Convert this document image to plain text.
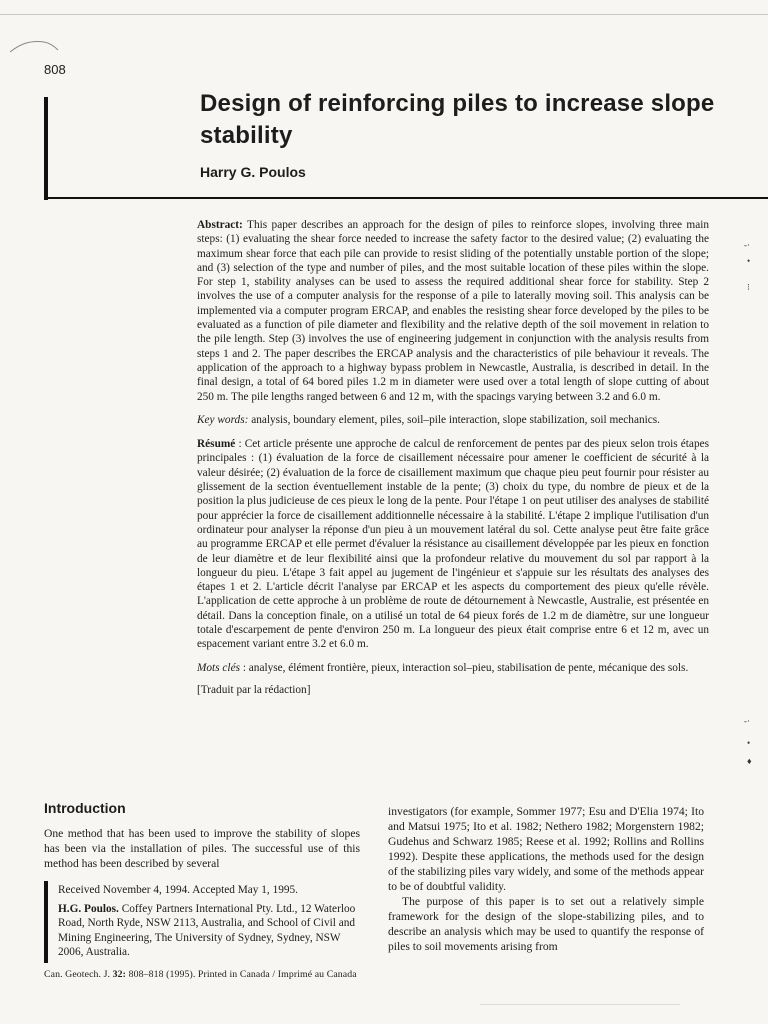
808
Design of reinforcing piles to increase slope stability
Harry G. Poulos

Abstract: This paper describes an approach for the design of piles to reinforce slopes, involving three main steps: (1) evaluating the shear force needed to increase the safety factor to the desired value; (2) evaluating the maximum shear force that each pile can provide to resist sliding of the potentially unstable portion of the slope; and (3) selection of the type and number of piles, and the most suitable location of these piles within the slope. For step 1, stability analyses can be used to assess the required additional shear force for stability. Step 2 involves the use of a computer analysis for the response of a pile to laterally moving soil. This analysis can be implemented via a computer program ERCAP, and enables the resisting shear force developed by the piles to be evaluated as a function of pile diameter and flexibility and the relative depth of the soil movement in relation to the pile length. Step (3) involves the use of engineering judgement in conjunction with the analysis results from steps 1 and 2. The paper describes the ERCAP analysis and the characteristics of pile behaviour it reveals. The application of the approach to a highway bypass problem in Newcastle, Australia, is described in detail. In the final design, a total of 64 bored piles 1.2 m in diameter were used over a total length of slope cutting of about 250 m. The pile lengths ranged between 6 and 12 m, with the spacings varying between 3.2 and 6.0 m.

Key words: analysis, boundary element, piles, soil–pile interaction, slope stabilization, soil mechanics.

Résumé : Cet article présente une approche de calcul de renforcement de pentes par des pieux selon trois étapes principales : (1) évaluation de la force de cisaillement nécessaire pour amener le coefficient de sécurité à la valeur désirée; (2) évaluation de la force de cisaillement maximum que chaque pieu peut fournir pour résister au glissement de la section éventuellement instable de la pente; (3) choix du type, du nombre de pieux et de la position la plus judicieuse de ces pieux le long de la pente. Pour l'étape 1 on peut utiliser des analyses de stabilité pour apprécier la force de cisaillement additionnelle nécessaire à la stabilité. L'étape 2 implique l'utilisation d'un ordinateur pour analyser la réponse d'un pieu à un mouvement latéral du sol. Cette analyse peut être faite grâce au programme ERCAP et elle permet d'évaluer la résistance au cisaillement développée par les pieux en fonction de leur diamètre et de leur flexibilité ainsi que la profondeur relative du mouvement du sol par rapport à la longueur du pieu. L'étape 3 fait appel au jugement de l'ingénieur et s'appuie sur les résultats des analyses des étapes 1 et 2. L'article décrit l'analyse par ERCAP et les aspects du comportement des pieux qu'elle révèle. L'application de cette approche à un problème de route de détournement à Newcastle, Australie, est présentée en détail. Dans la conception finale, on a utilisé un total de 64 pieux forés de 1.2 m de diamètre, sur une longueur totale d'escarpement de pente d'environ 250 m. La longueur des pieux était comprise entre 6 et 12 m, avec un espacement variant entre 3.2 et 6.0 m.

Mots clés : analyse, élément frontière, pieux, interaction sol–pieu, stabilisation de pente, mécanique des sols.

[Traduit par la rédaction]

-·
•
⁝
-·
•
♦
Introduction

One method that has been used to improve the stability of slopes has been via the installation of piles. The successful use of this method has been described by several

investigators (for example, Sommer 1977; Esu and D'Elia 1974; Ito and Matsui 1975; Ito et al. 1982; Nethero 1982; Morgenstern 1982; Gudehus and Schwarz 1985; Reese et al. 1992; Rollins and Rollins 1992). Despite these applications, the methods used for the design of the stabilizing piles vary widely, and some of the methods appear to be of doubtful validity.

The purpose of this paper is to set out a relatively simple framework for the design of the slope-stabilizing piles, and to describe an analysis which may be used to quantify the response of piles to soil movements arising from

Received November 4, 1994. Accepted May 1, 1995.

H.G. Poulos. Coffey Partners International Pty. Ltd., 12 Waterloo Road, North Ryde, NSW 2113, Australia, and School of Civil and Mining Engineering, The University of Sydney, Sydney, NSW 2006, Australia.

Can. Geotech. J. 32: 808–818 (1995). Printed in Canada / Imprimé au Canada
